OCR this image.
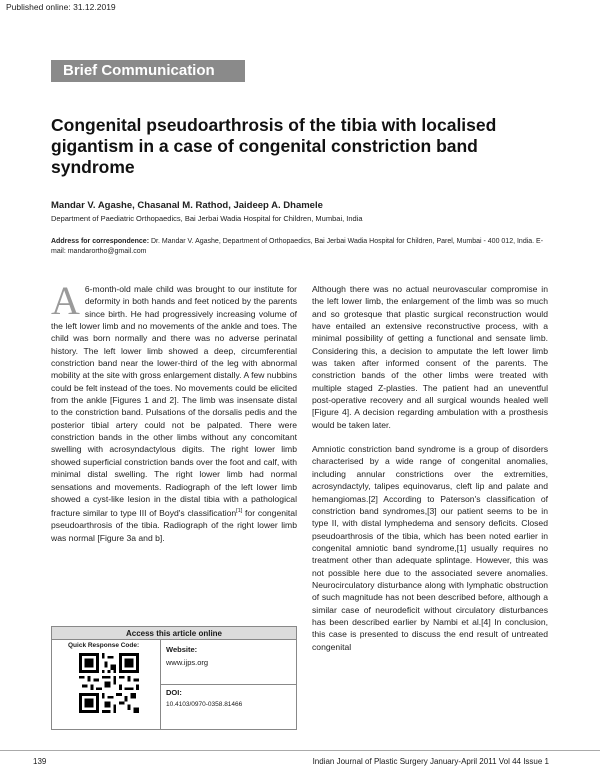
Published online: 31.12.2019
Brief Communication
Congenital pseudoarthrosis of the tibia with localised gigantism in a case of congenital constriction band syndrome
Mandar V. Agashe, Chasanal M. Rathod, Jaideep A. Dhamele
Department of Paediatric Orthopaedics, Bai Jerbai Wadia Hospital for Children, Mumbai, India
Address for correspondence: Dr. Mandar V. Agashe, Department of Orthopaedics, Bai Jerbai Wadia Hospital for Children, Parel, Mumbai - 400 012, India. E-mail: mandarortho@gmail.com

A 6-month-old male child was brought to our institute for deformity in both hands and feet noticed by the parents since birth. He had progressively increasing volume of the left lower limb and no movements of the ankle and toes. The child was born normally and there was no adverse perinatal history. The left lower limb showed a deep, circumferential constriction band near the lower-third of the leg with abnormal mobility at the site with gross enlargement distally. A few nubbins could be felt instead of the toes. No movements could be elicited from the ankle [Figures 1 and 2]. The limb was insensate distal to the constriction band. Pulsations of the dorsalis pedis and the posterior tibial artery could not be palpated. There were constriction bands in the other limbs without any concomitant swelling with acrosyndactylous digits. The right lower limb showed superficial constriction bands over the foot and calf, with minimal distal swelling. The right lower limb had normal sensations and movements. Radiograph of the left lower limb showed a cyst-like lesion in the distal tibia with a pathological fracture similar to type III of Boyd's classification[1] for congenital pseudoarthrosis of the tibia. Radiograph of the right lower limb was normal [Figure 3a and b].

Although there was no actual neurovascular compromise in the left lower limb, the enlargement of the limb was so much and so grotesque that plastic surgical reconstruction would have entailed an extensive reconstructive process, with a minimal possibility of getting a functional and sensate limb. Considering this, a decision to amputate the left lower limb was taken after informed consent of the parents. The constriction bands of the other limbs were treated with multiple staged Z-plasties. The patient had an uneventful post-operative recovery and all surgical wounds healed well [Figure 4]. A decision regarding ambulation with a prosthesis would be taken later.

Amniotic constriction band syndrome is a group of disorders characterised by a wide range of congenital anomalies, including annular constrictions over the extremities, acrosyndactyly, talipes equinovarus, cleft lip and palate and hemangiomas.[2] According to Paterson's classification of constriction band syndromes,[3] our patient seems to be in type II, with distal lymphedema and sensory deficits. Closed pseudoarthrosis of the tibia, which has been noted earlier in congenital amniotic band syndrome,[1] usually requires no treatment other than adequate splintage. However, this was not possible here due to the associated severe anomalies. Neurocirculatory disturbance along with lymphatic obstruction of such magnitude has not been described before, although a similar case of neurodeficit without circulatory disturbances has been described earlier by Nambi et al.[4] In conclusion, this case is presented to discuss the end result of untreated congenital

Access this article online
Quick Response Code:	Website:
www.ijps.org
DOI:
10.4103/0970-0358.81466
139	Indian Journal of Plastic Surgery January-April 2011 Vol 44 Issue 1
